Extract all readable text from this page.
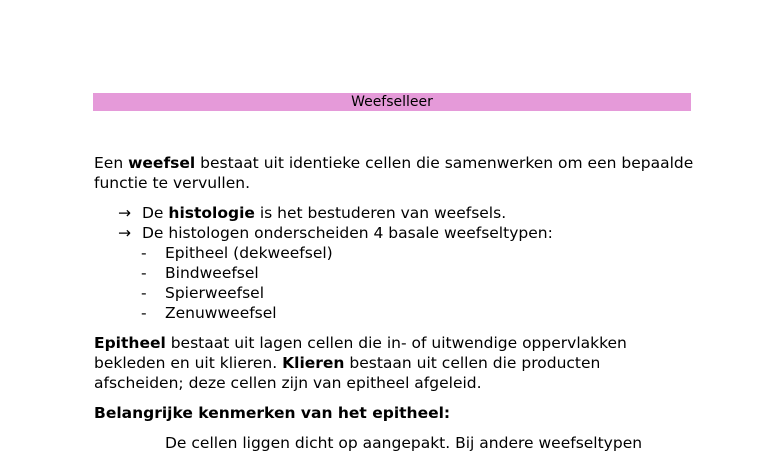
Weefselleer

Een weefsel bestaat uit identieke cellen die samenwerken om een bepaalde functie te vervullen.

→ De histologie is het bestuderen van weefsels.
→ De histologen onderscheiden 4 basale weefseltypen:
- Epitheel (dekweefsel)
- Bindweefsel
- Spierweefsel
- Zenuwweefsel

Epitheel bestaat uit lagen cellen die in- of uitwendige oppervlakken bekleden en uit klieren. Klieren bestaan uit cellen die producten afscheiden; deze cellen zijn van epitheel afgeleid.

Belangrijke kenmerken van het epitheel:

De cellen liggen dicht op aangepakt. Bij andere weefseltypen
